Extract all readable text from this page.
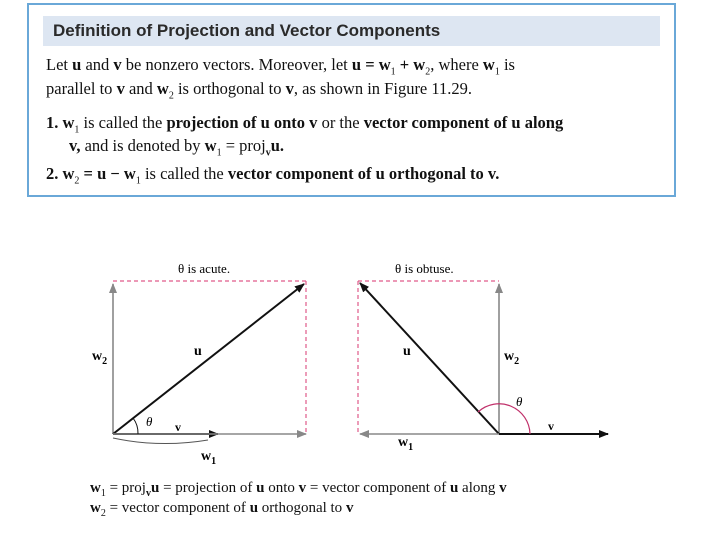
Definition of Projection and Vector Components
Let u and v be nonzero vectors. Moreover, let $u = w_1 + w_2$, where $w_1$ is
parallel to v and $w_2$ is orthogonal to v, as shown in Figure 11.29.
1. $w_1$ is called the projection of u onto v or the vector component of u along
v, and is denoted by $w_1$ = proj$_v$u.
2. $w_2 = u - w_1$ is called the vector component of u orthogonal to v.
θ is acute.
u
$w_2$
θ v
$w_1$
θ is obtuse.
u	$w_2$
θ
v
$w_1$
$w_1$ = proj$_v$u = projection of u onto v = vector component of u along v
$w_2$ = vector component of u orthogonal to v
